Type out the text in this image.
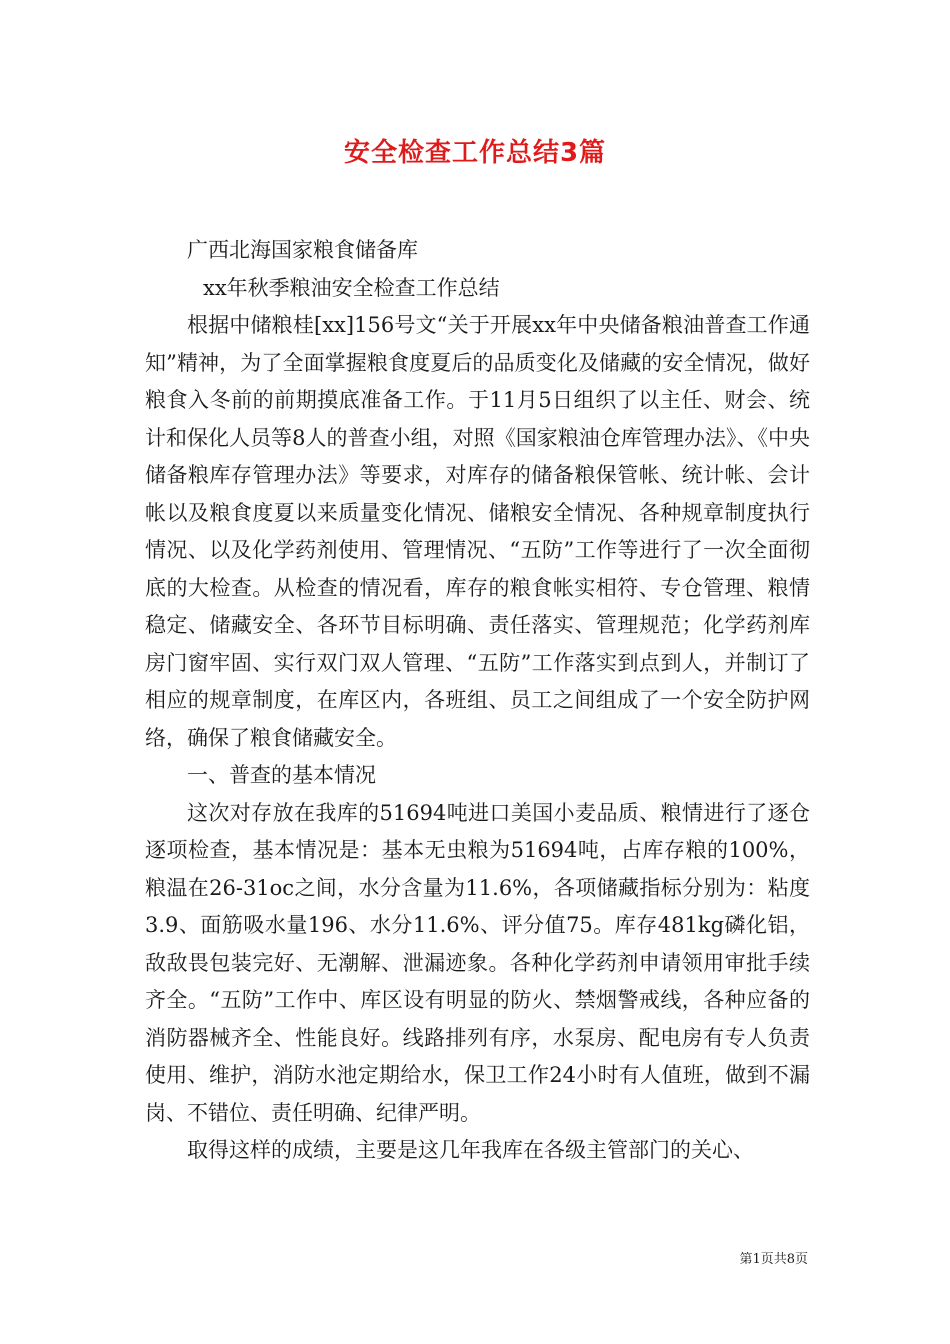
安全检查工作总结3篇

广西北海国家粮食储备库

xx年秋季粮油安全检查工作总结

根据中储粮桂[xx]156号文“关于开展xx年中央储备粮油普查工作通知”精神，为了全面掌握粮食度夏后的品质变化及储藏的安全情况，做好粮食入冬前的前期摸底准备工作。于11月5日组织了以主任、财会、统计和保化人员等8人的普查小组，对照《国家粮油仓库管理办法》、《中央储备粮库存管理办法》等要求，对库存的储备粮保管帐、统计帐、会计帐以及粮食度夏以来质量变化情况、储粮安全情况、各种规章制度执行情况、以及化学药剂使用、管理情况、“五防”工作等进行了一次全面彻底的大检查。从检查的情况看，库存的粮食帐实相符、专仓管理、粮情稳定、储藏安全、各环节目标明确、责任落实、管理规范；化学药剂库房门窗牢固、实行双门双人管理、“五防”工作落实到点到人，并制订了相应的规章制度，在库区内，各班组、员工之间组成了一个安全防护网络，确保了粮食储藏安全。

一、普查的基本情况

这次对存放在我库的51694吨进口美国小麦品质、粮情进行了逐仓逐项检查，基本情况是：基本无虫粮为51694吨，占库存粮的100%，粮温在26-31oc之间，水分含量为11.6%，各项储藏指标分别为：粘度3.9、面筋吸水量196、水分11.6%、评分值75。库存481kg磷化铝，敌敌畏包装完好、无潮解、泄漏迹象。各种化学药剂申请领用审批手续齐全。“五防”工作中、库区设有明显的防火、禁烟警戒线，各种应备的消防器械齐全、性能良好。线路排列有序，水泵房、配电房有专人负责使用、维护，消防水池定期给水，保卫工作24小时有人值班，做到不漏岗、不错位、责任明确、纪律严明。

取得这样的成绩，主要是这几年我库在各级主管部门的关心、

第1页共8页
